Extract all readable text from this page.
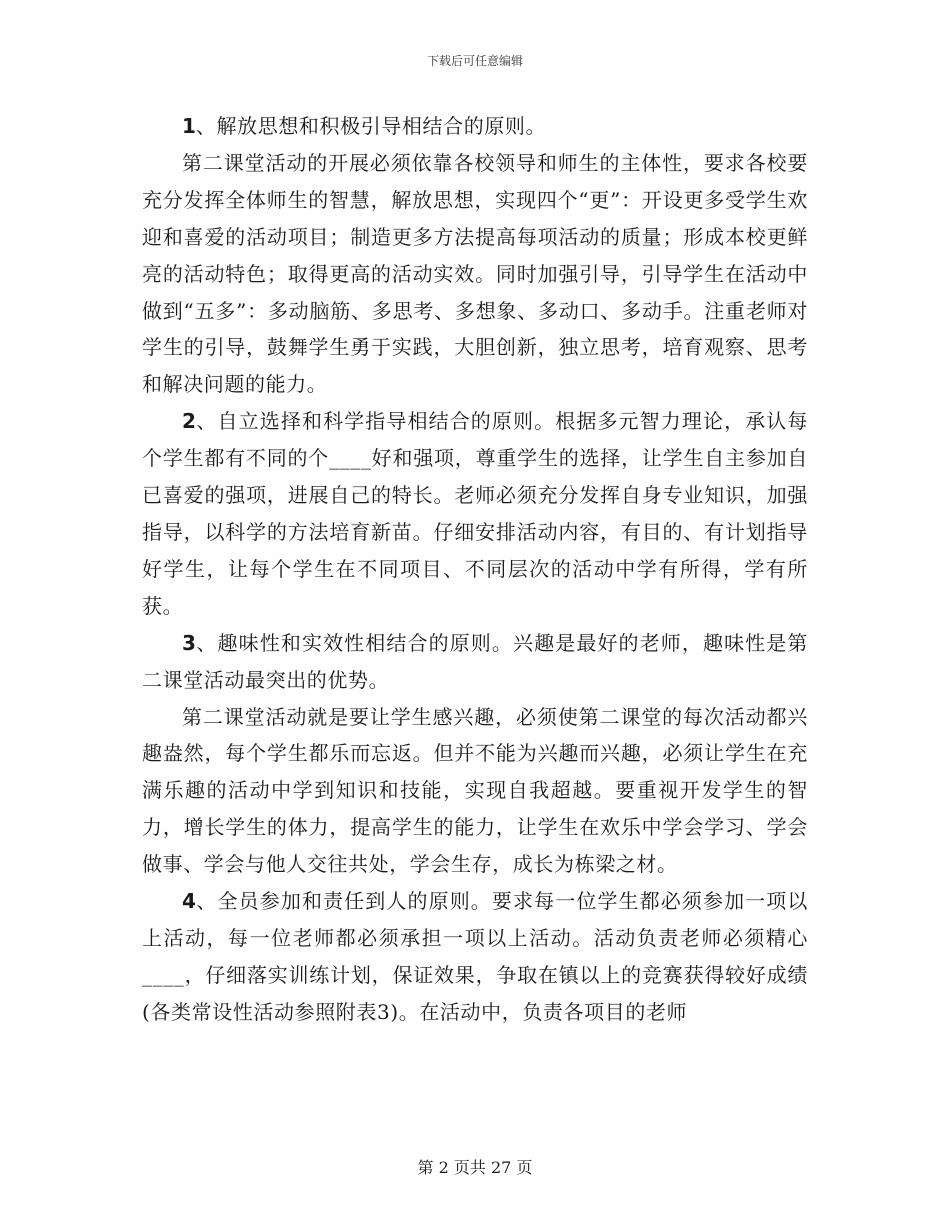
下载后可任意编辑

1、解放思想和积极引导相结合的原则。

第二课堂活动的开展必须依靠各校领导和师生的主体性，要求各校要充分发挥全体师生的智慧，解放思想，实现四个“更”：开设更多受学生欢迎和喜爱的活动项目；制造更多方法提高每项活动的质量；形成本校更鲜亮的活动特色；取得更高的活动实效。同时加强引导，引导学生在活动中做到“五多”：多动脑筋、多思考、多想象、多动口、多动手。注重老师对学生的引导，鼓舞学生勇于实践，大胆创新，独立思考，培育观察、思考和解决问题的能力。

2、自立选择和科学指导相结合的原则。根据多元智力理论，承认每个学生都有不同的个____好和强项，尊重学生的选择，让学生自主参加自已喜爱的强项，进展自己的特长。老师必须充分发挥自身专业知识，加强指导，以科学的方法培育新苗。仔细安排活动内容，有目的、有计划指导好学生，让每个学生在不同项目、不同层次的活动中学有所得，学有所获。

3、趣味性和实效性相结合的原则。兴趣是最好的老师，趣味性是第二课堂活动最突出的优势。

第二课堂活动就是要让学生感兴趣，必须使第二课堂的每次活动都兴趣盎然，每个学生都乐而忘返。但并不能为兴趣而兴趣，必须让学生在充满乐趣的活动中学到知识和技能，实现自我超越。要重视开发学生的智力，增长学生的体力，提高学生的能力，让学生在欢乐中学会学习、学会做事、学会与他人交往共处，学会生存，成长为栋梁之材。

4、全员参加和责任到人的原则。要求每一位学生都必须参加一项以上活动，每一位老师都必须承担一项以上活动。活动负责老师必须精心____，仔细落实训练计划，保证效果，争取在镇以上的竞赛获得较好成绩(各类常设性活动参照附表3)。在活动中，负责各项目的老师

第 2 页共 27 页
